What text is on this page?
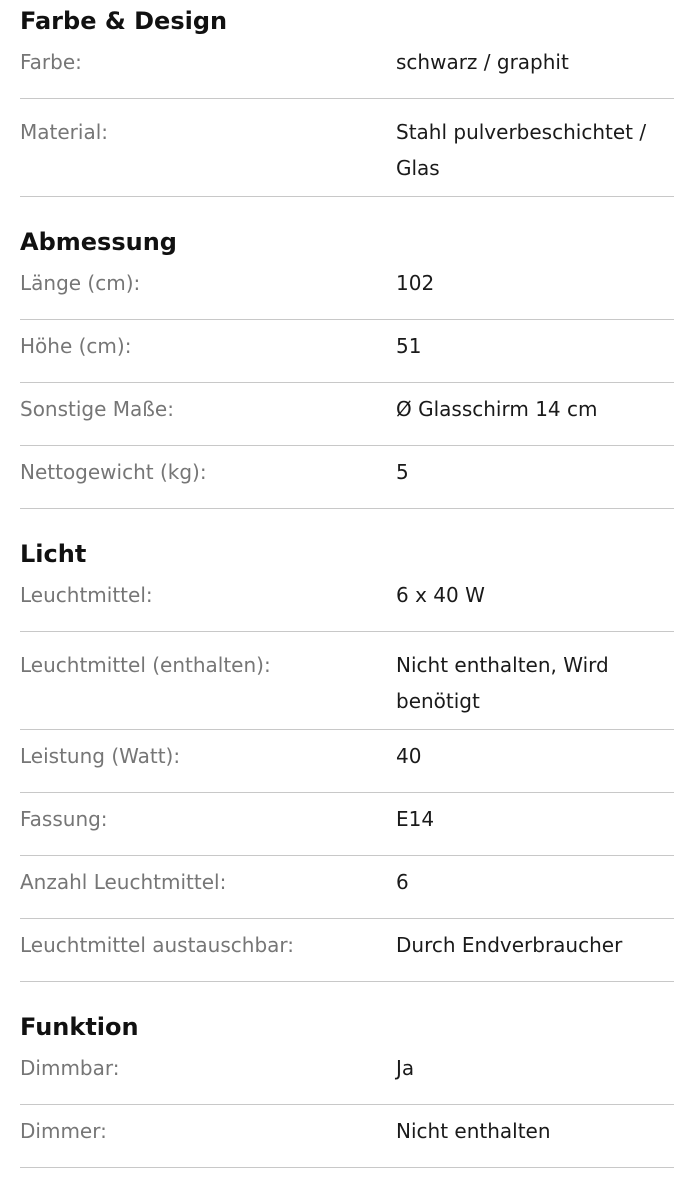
Farbe & Design
Farbe:	schwarz / graphit
Material:	Stahl pulverbeschichtet / Glas
Abmessung
Länge (cm):	102
Höhe (cm):	51
Sonstige Maße:	Ø Glasschirm 14 cm
Nettogewicht (kg):	5
Licht
Leuchtmittel:	6 x 40 W
Leuchtmittel (enthalten):	Nicht enthalten, Wird benötigt
Leistung (Watt):	40
Fassung:	E14
Anzahl Leuchtmittel:	6
Leuchtmittel austauschbar:	Durch Endverbraucher
Funktion
Dimmbar:	Ja
Dimmer:	Nicht enthalten
